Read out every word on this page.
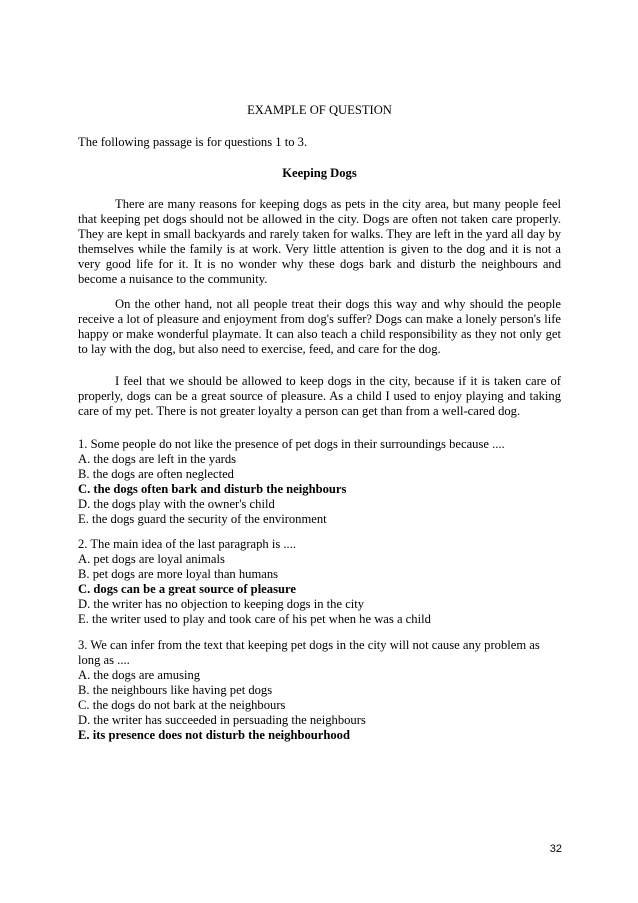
EXAMPLE OF QUESTION
The following passage is for questions 1 to 3.
Keeping Dogs

There are many reasons for keeping dogs as pets in the city area, but many people feel that keeping pet dogs should not be allowed in the city. Dogs are often not taken care properly. They are kept in small backyards and rarely taken for walks. They are left in the yard all day by themselves while the family is at work. Very little attention is given to the dog and it is not a very good life for it. It is no wonder why these dogs bark and disturb the neighbours and become a nuisance to the community.

On the other hand, not all people treat their dogs this way and why should the people receive a lot of pleasure and enjoyment from dog's suffer? Dogs can make a lonely person's life happy or make wonderful playmate. It can also teach a child responsibility as they not only get to lay with the dog, but also need to exercise, feed, and care for the dog.

I feel that we should be allowed to keep dogs in the city, because if it is taken care of properly, dogs can be a great source of pleasure. As a child I used to enjoy playing and taking care of my pet. There is not greater loyalty a person can get than from a well-cared dog.

1. Some people do not like the presence of pet dogs in their surroundings because ....
A. the dogs are left in the yards
B. the dogs are often neglected
C. the dogs often bark and disturb the neighbours
D. the dogs play with the owner's child
E. the dogs guard the security of the environment
2. The main idea of the last paragraph is ....
A. pet dogs are loyal animals
B. pet dogs are more loyal than humans
C. dogs can be a great source of pleasure
D. the writer has no objection to keeping dogs in the city
E. the writer used to play and took care of his pet when he was a child
3. We can infer from the text that keeping pet dogs in the city will not cause any problem as long as ....
A. the dogs are amusing
B. the neighbours like having pet dogs
C. the dogs do not bark at the neighbours
D. the writer has succeeded in persuading the neighbours
E. its presence does not disturb the neighbourhood
32
